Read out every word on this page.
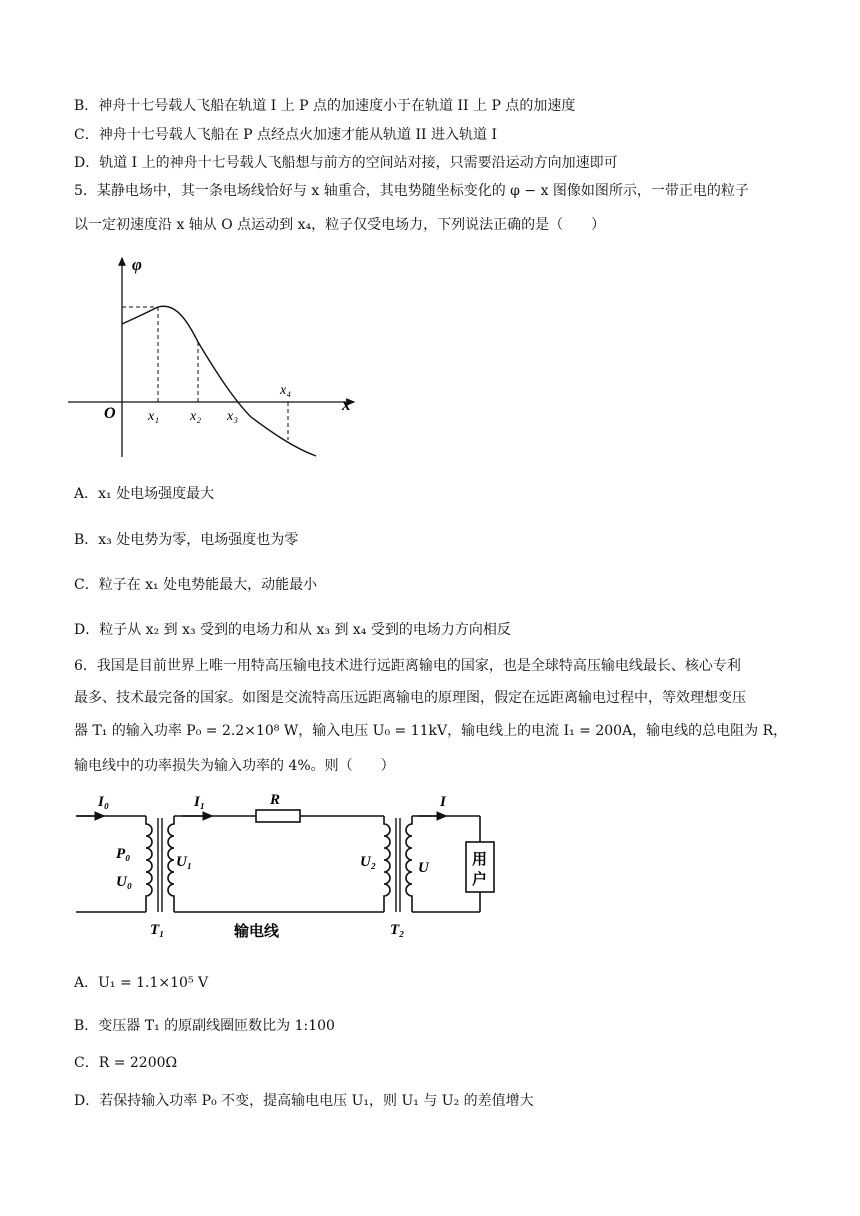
B．神舟十七号载人飞船在轨道 I 上 P 点的加速度小于在轨道 II 上 P 点的加速度
C．神舟十七号载人飞船在 P 点经点火加速才能从轨道 II 进入轨道 I
D．轨道 I 上的神舟十七号载人飞船想与前方的空间站对接，只需要沿运动方向加速即可
5．某静电场中，其一条电场线恰好与 x 轴重合，其电势随坐标变化的 φ − x 图像如图所示，一带正电的粒子
以一定初速度沿 x 轴从 O 点运动到 x₄，粒子仅受电场力，下列说法正确的是（　　）
φ
x
O x₁ x₂ x₃
x₄
A．x₁ 处电场强度最大
B．x₃ 处电势为零，电场强度也为零
C．粒子在 x₁ 处电势能最大，动能最小
D．粒子从 x₂ 到 x₃ 受到的电场力和从 x₃ 到 x₄ 受到的电场力方向相反
6．我国是目前世界上唯一用特高压输电技术进行远距离输电的国家，也是全球特高压输电线最长、核心专利
最多、技术最完备的国家。如图是交流特高压远距离输电的原理图，假定在远距离输电过程中，等效理想变压
器 T₁ 的输入功率 P₀ = 2.2×10⁸ W，输入电压 U₀ = 11kV，输电线上的电流 I₁ = 200A，输电线的总电阻为 R，
输电线中的功率损失为输入功率的 4%。则（　　）
I₀
P₀
U₀
T₁
I₁
U₁
R
输电线
U₂
T₂
I
U	用
户
A．U₁ = 1.1×10⁵ V
B．变压器 T₁ 的原副线圈匝数比为 1:100
C．R = 2200Ω
D．若保持输入功率 P₀ 不变，提高输电电压 U₁，则 U₁ 与 U₂ 的差值增大
